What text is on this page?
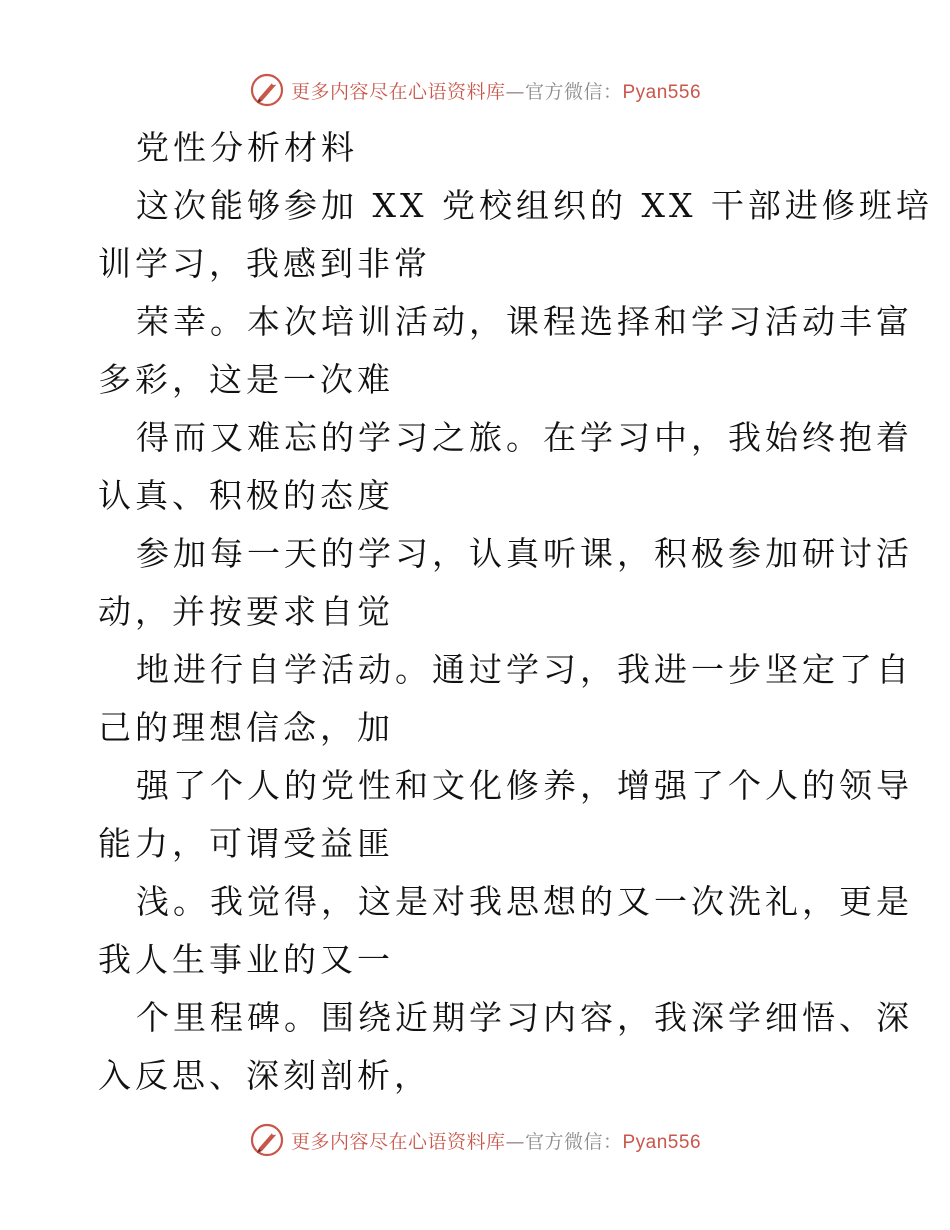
更多内容尽在心语资料库—官方微信：Pyan556
党性分析材料
这次能够参加 XX 党校组织的 XX 干部进修班培
训学习，我感到非常
荣幸。本次培训活动，课程选择和学习活动丰富
多彩，这是一次难
得而又难忘的学习之旅。在学习中，我始终抱着
认真、积极的态度
参加每一天的学习，认真听课，积极参加研讨活
动，并按要求自觉
地进行自学活动。通过学习，我进一步坚定了自
己的理想信念，加
强了个人的党性和文化修养，增强了个人的领导
能力，可谓受益匪
浅。我觉得，这是对我思想的又一次洗礼，更是
我人生事业的又一
个里程碑。围绕近期学习内容，我深学细悟、深
入反思、深刻剖析，
更多内容尽在心语资料库—官方微信：Pyan556
